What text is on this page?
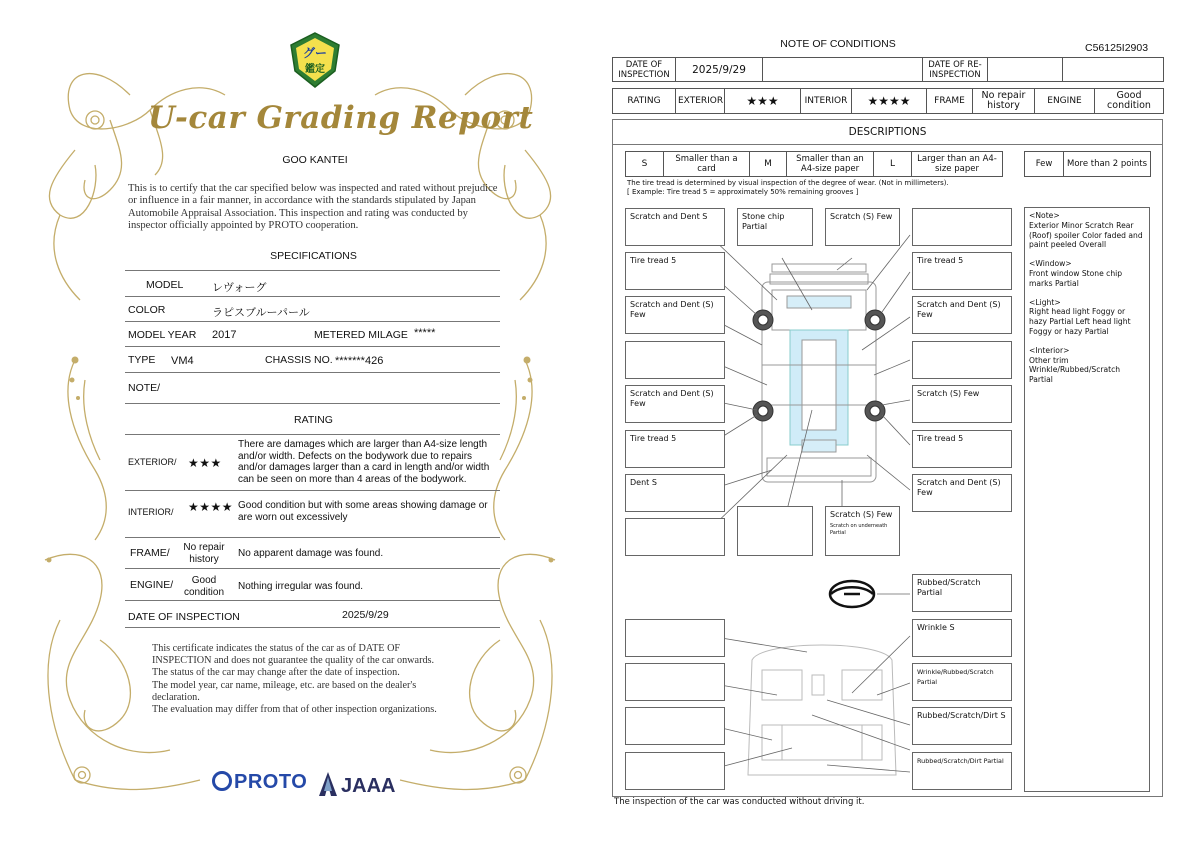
グー
鑑定
U-car Grading Report
GOO KANTEI
This is to certify that the car specified below was inspected and rated without prejudice or influence in a fair manner, in accordance with the standards stipulated by Japan Automobile Appraisal Association. This inspection and rating was conducted by inspector officially appointed by PROTO cooperation.
SPECIFICATIONS
MODEL	レヴォーグ
COLOR	ラピスブルーパール
MODEL YEAR 2017	METERED MILAGE *****
TYPE VM4	CHASSIS NO. *******426
NOTE/
RATING
EXTERIOR/ ★★★
There are damages which are larger than A4-size length and/or width. Defects on the bodywork due to repairs and/or damages larger than a card in length and/or width can be seen on more than 4 areas of the bodywork.
INTERIOR/ ★★★★ Good condition but with some areas showing damage or are worn out excessively
FRAME/	No repair history
No apparent damage was found.
ENGINE/	Good condition
Nothing irregular was found.
DATE OF INSPECTION	2025/9/29
This certificate indicates the status of the car as of DATE OF
INSPECTION and does not guarantee the quality of the car onwards.
The status of the car may change after the date of inspection.
The model year, car name, mileage, etc. are based on the dealer's
declaration.
The evaluation may differ from that of other inspection organizations.
PROTO	JAAA
NOTE OF CONDITIONS	C56125I2903
DATE OF INSPECTION	2025/9/29		DATE OF RE-INSPECTION		
RATING	EXTERIOR	★★★	INTERIOR	★★★★	FRAME	No repair history	ENGINE	Good condition
DESCRIPTIONS
S	Smaller than a card	M	Smaller than an A4-size paper	L	Larger than an A4-size paper	Few	More than 2 points
The tire tread is determined by visual inspection of the degree of wear. (Not in millimeters).
[ Example: Tire tread 5 = approximately 50% remaining grooves ]
Scratch and Dent S
Tire tread 5
Scratch and Dent (S) Few
Scratch and Dent (S) Few
Tire tread 5
Dent S
Stone chip Partial
Scratch (S) Few
Tire tread 5
Scratch and Dent (S) Few
Scratch (S) Few
Tire tread 5
Scratch and Dent (S) Few
Scratch (S) Few
Scratch on underneath Partial
Rubbed/Scratch Partial
Wrinkle S
Wrinkle/Rubbed/Scratch Partial
Rubbed/Scratch/Dirt S
Rubbed/Scratch/Dirt Partial
<Note>
Exterior Minor Scratch Rear (Roof) spoiler Color faded and paint peeled Overall
<Window>
Front window Stone chip marks Partial
<Light>
Right head light Foggy or hazy Partial Left head light Foggy or hazy Partial
<Interior>
Other trim Wrinkle/Rubbed/Scratch Partial
The inspection of the car was conducted without driving it.
